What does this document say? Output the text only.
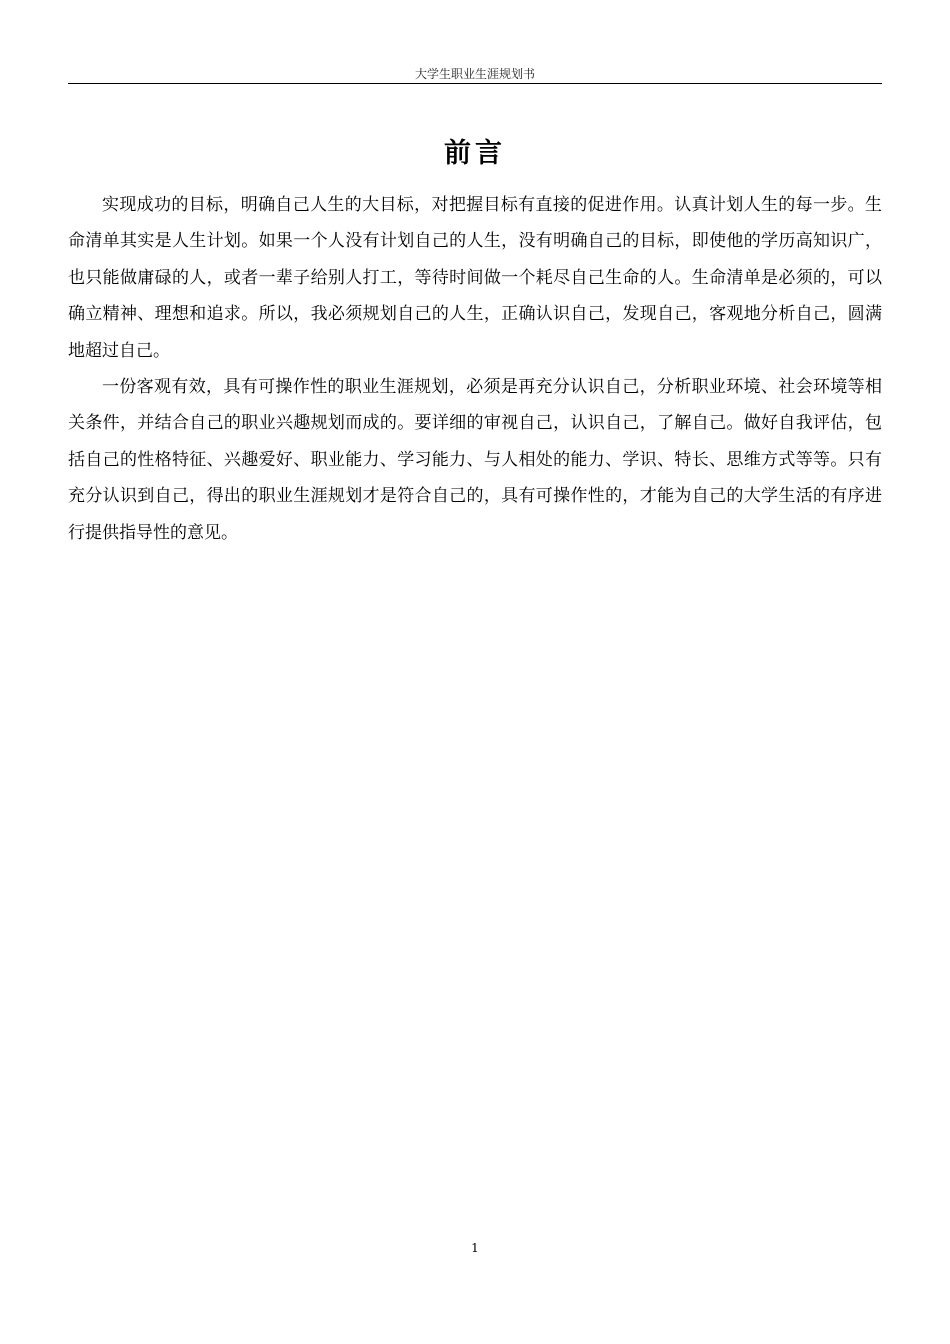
大学生职业生涯规划书
前言

实现成功的目标，明确自己人生的大目标，对把握目标有直接的促进作用。认真计划人生的每一步。生命清单其实是人生计划。如果一个人没有计划自己的人生，没有明确自己的目标，即使他的学历高知识广，也只能做庸碌的人，或者一辈子给别人打工，等待时间做一个耗尽自己生命的人。生命清单是必须的，可以确立精神、理想和追求。所以，我必须规划自己的人生，正确认识自己，发现自己，客观地分析自己，圆满地超过自己。

一份客观有效，具有可操作性的职业生涯规划，必须是再充分认识自己，分析职业环境、社会环境等相关条件，并结合自己的职业兴趣规划而成的。要详细的审视自己，认识自己，了解自己。做好自我评估，包括自己的性格特征、兴趣爱好、职业能力、学习能力、与人相处的能力、学识、特长、思维方式等等。只有充分认识到自己，得出的职业生涯规划才是符合自己的，具有可操作性的，才能为自己的大学生活的有序进行提供指导性的意见。

1
